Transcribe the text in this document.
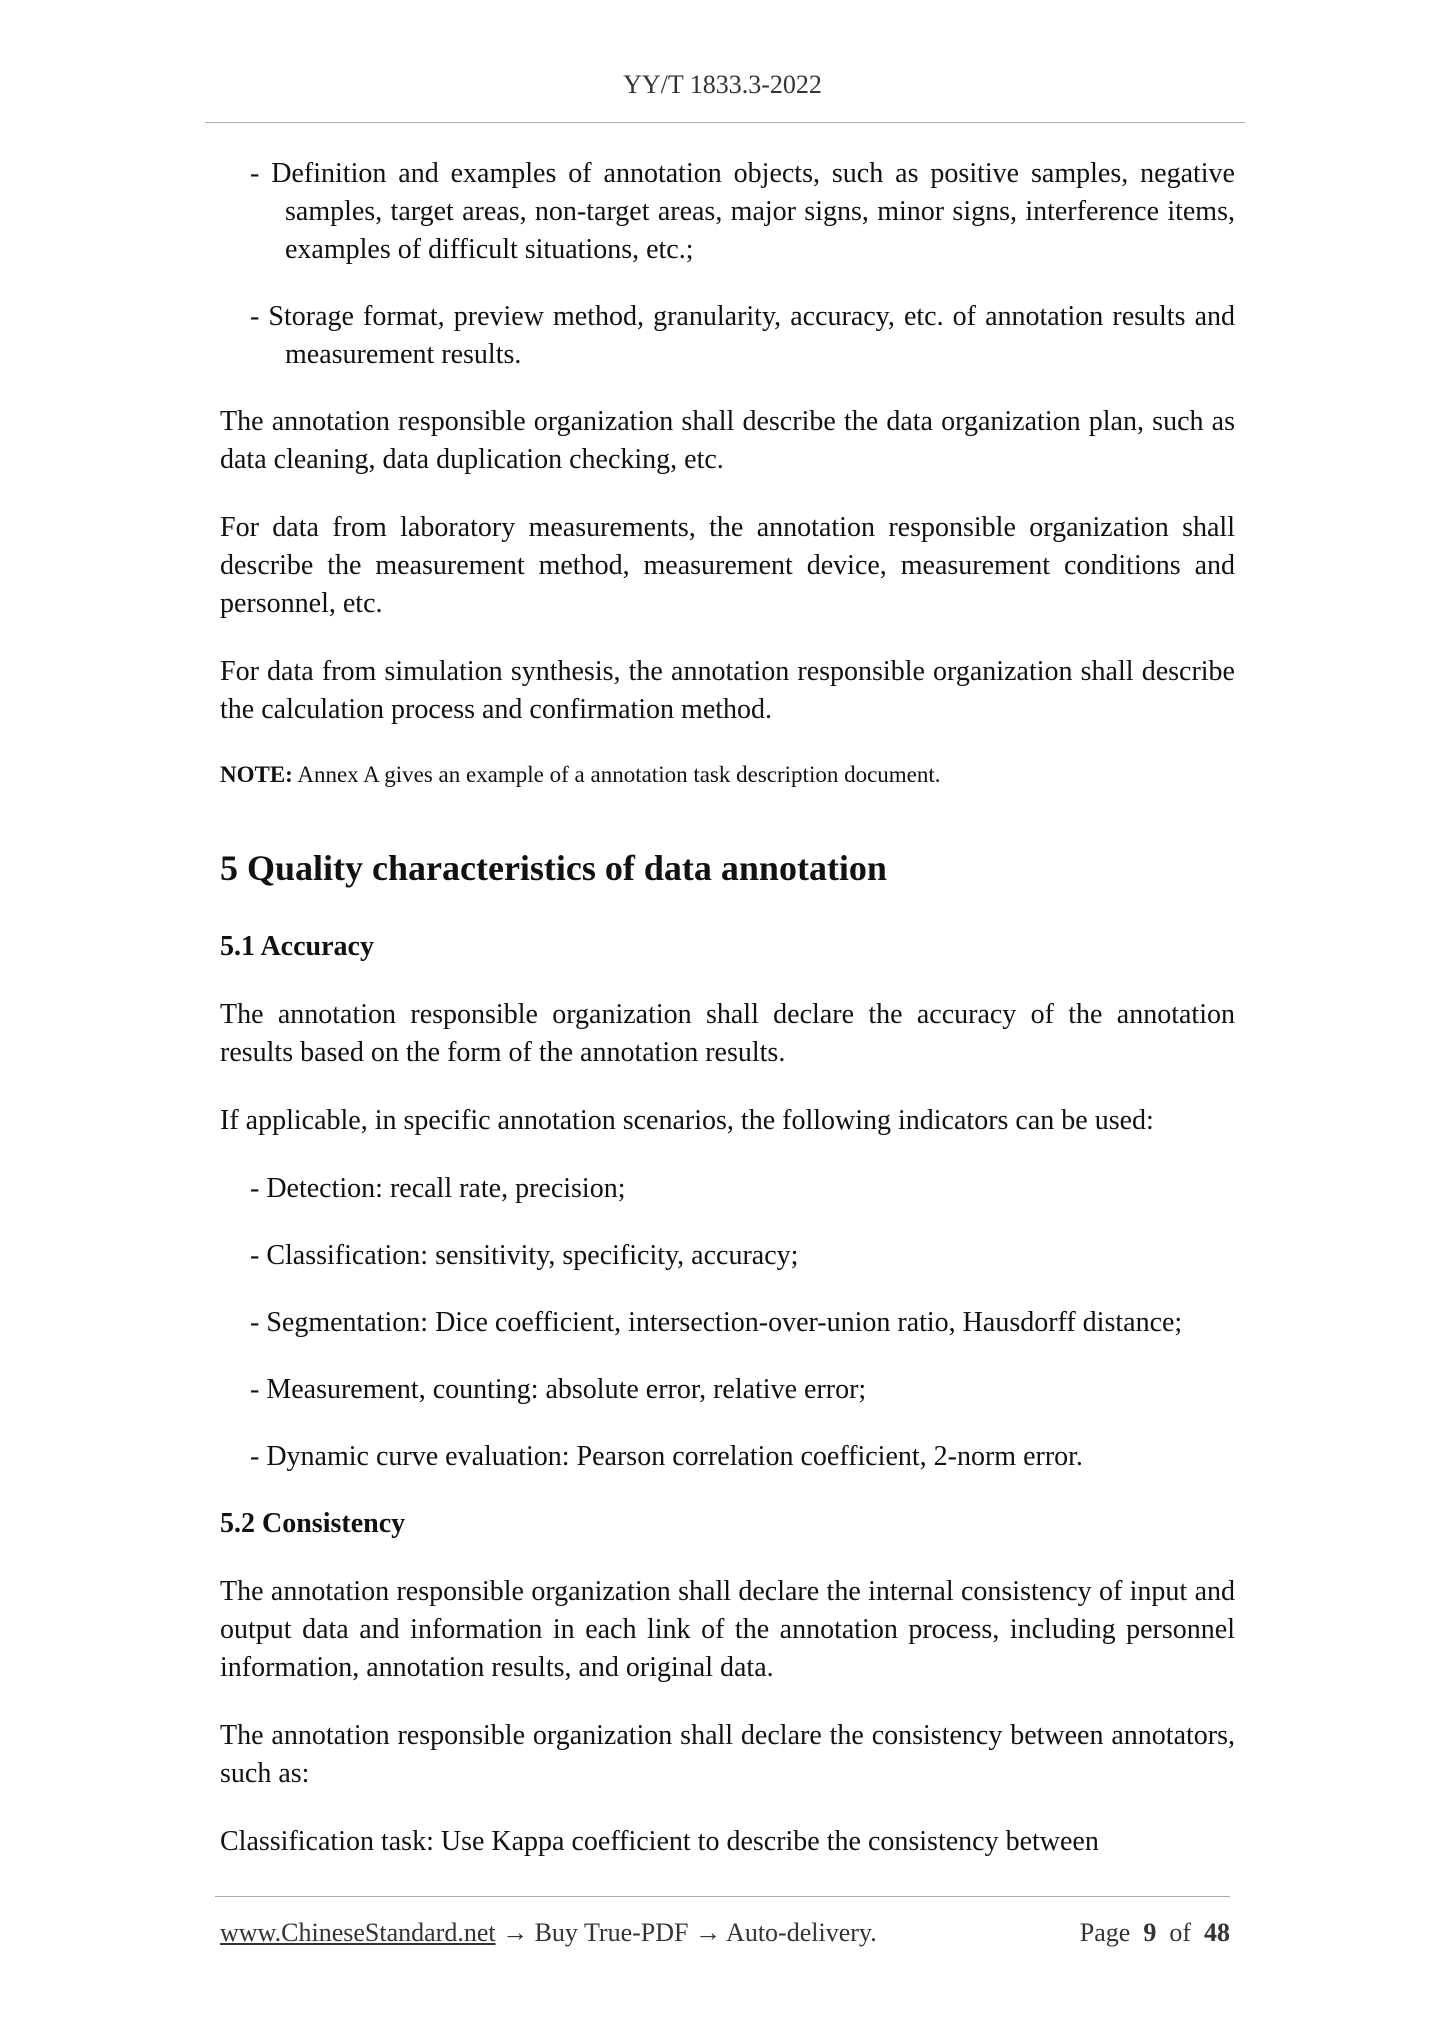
YY/T 1833.3-2022
- Definition and examples of annotation objects, such as positive samples, negative samples, target areas, non-target areas, major signs, minor signs, interference items, examples of difficult situations, etc.;
- Storage format, preview method, granularity, accuracy, etc. of annotation results and measurement results.

The annotation responsible organization shall describe the data organization plan, such as data cleaning, data duplication checking, etc.

For data from laboratory measurements, the annotation responsible organization shall describe the measurement method, measurement device, measurement conditions and personnel, etc.

For data from simulation synthesis, the annotation responsible organization shall describe the calculation process and confirmation method.

NOTE: Annex A gives an example of a annotation task description document.

5 Quality characteristics of data annotation
5.1 Accuracy

The annotation responsible organization shall declare the accuracy of the annotation results based on the form of the annotation results.

If applicable, in specific annotation scenarios, the following indicators can be used:

- Detection: recall rate, precision;
- Classification: sensitivity, specificity, accuracy;
- Segmentation: Dice coefficient, intersection-over-union ratio, Hausdorff distance;
- Measurement, counting: absolute error, relative error;
- Dynamic curve evaluation: Pearson correlation coefficient, 2-norm error.
5.2 Consistency

The annotation responsible organization shall declare the internal consistency of input and output data and information in each link of the annotation process, including personnel information, annotation results, and original data.

The annotation responsible organization shall declare the consistency between annotators, such as:

Classification task: Use Kappa coefficient to describe the consistency between

www.ChineseStandard.net → Buy True-PDF → Auto-delivery.	Page 9 of 48
